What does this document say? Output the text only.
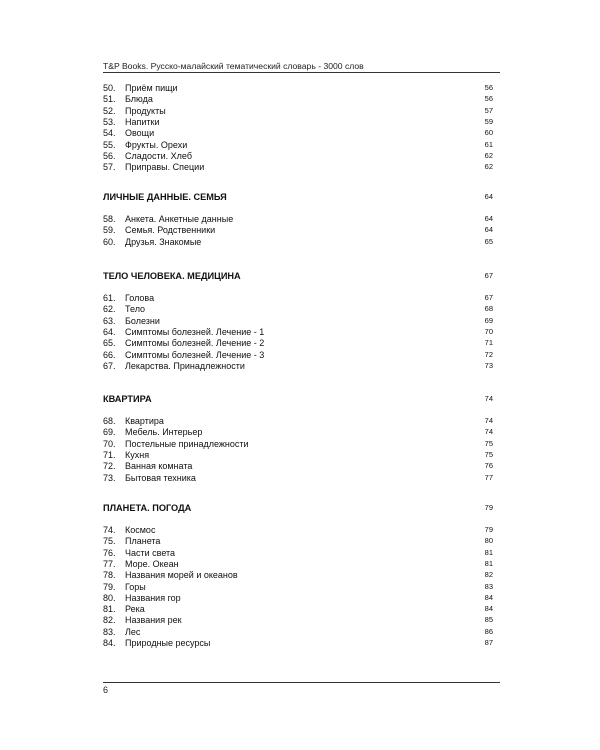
T&P Books. Русско-малайский тематический словарь - 3000 слов
50. Приём пищи	56
51. Блюда	56
52. Продукты	57
53. Напитки	59
54. Овощи	60
55. Фрукты. Орехи	61
56. Сладости. Хлеб	62
57. Приправы. Специи	62
ЛИЧНЫЕ ДАННЫЕ. СЕМЬЯ	64
58. Анкета. Анкетные данные	64
59. Семья. Родственники	64
60. Друзья. Знакомые	65
ТЕЛО ЧЕЛОВЕКА. МЕДИЦИНА	67
61. Голова	67
62. Тело	68
63. Болезни	69
64. Симптомы болезней. Лечение - 1	70
65. Симптомы болезней. Лечение - 2	71
66. Симптомы болезней. Лечение - 3	72
67. Лекарства. Принадлежности	73
КВАРТИРА	74
68. Квартира	74
69. Мебель. Интерьер	74
70. Постельные принадлежности	75
71. Кухня	75
72. Ванная комната	76
73. Бытовая техника	77
ПЛАНЕТА. ПОГОДА	79
74. Космос	79
75. Планета	80
76. Части света	81
77. Море. Океан	81
78. Названия морей и океанов	82
79. Горы	83
80. Названия гор	84
81. Река	84
82. Названия рек	85
83. Лес	86
84. Природные ресурсы	87
6
